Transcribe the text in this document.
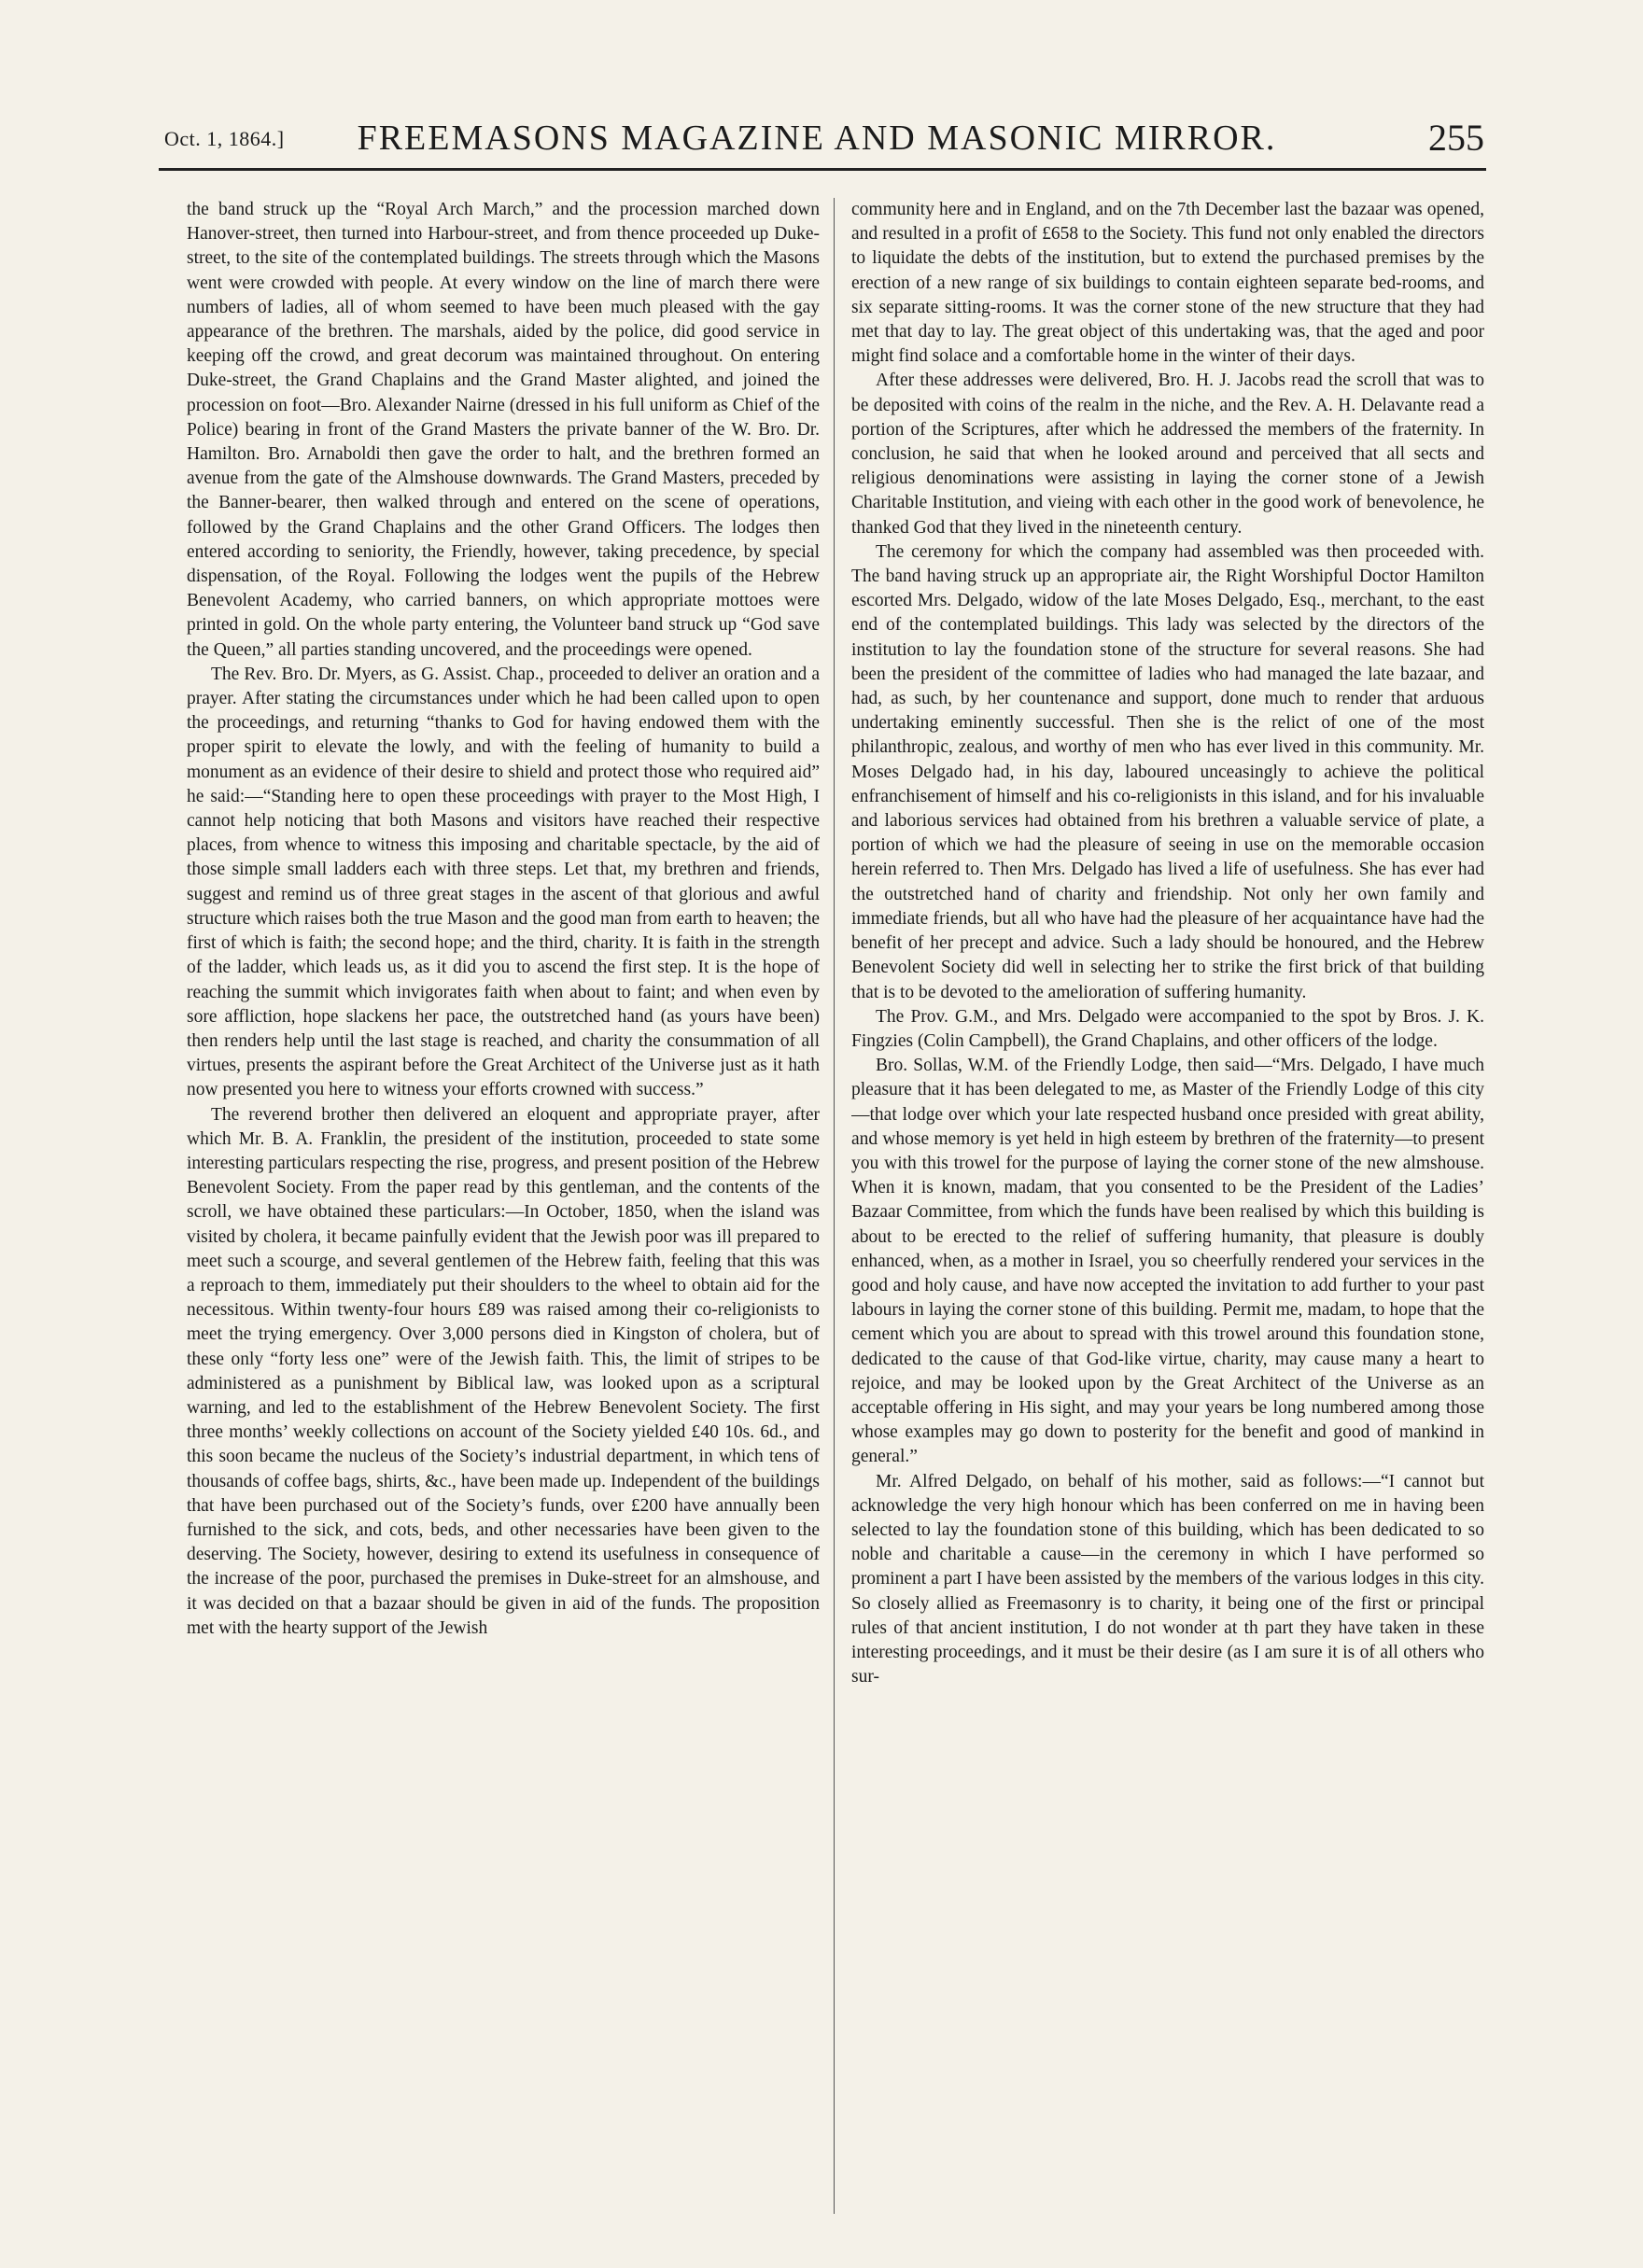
Oct. 1, 1864.]	FREEMASONS MAGAZINE AND MASONIC MIRROR.	255

the band struck up the “Royal Arch March,” and the procession marched down Hanover-street, then turned into Harbour-street, and from thence proceeded up Duke-street, to the site of the contemplated buildings. The streets through which the Masons went were crowded with people. At every window on the line of march there were numbers of ladies, all of whom seemed to have been much pleased with the gay appearance of the brethren. The marshals, aided by the police, did good service in keeping off the crowd, and great decorum was maintained throughout. On entering Duke-street, the Grand Chaplains and the Grand Master alighted, and joined the procession on foot—Bro. Alexander Nairne (dressed in his full uniform as Chief of the Police) bearing in front of the Grand Masters the private banner of the W. Bro. Dr. Hamilton. Bro. Arnaboldi then gave the order to halt, and the brethren formed an avenue from the gate of the Almshouse downwards. The Grand Masters, preceded by the Banner-bearer, then walked through and entered on the scene of operations, followed by the Grand Chaplains and the other Grand Officers. The lodges then entered according to seniority, the Friendly, however, taking precedence, by special dispensation, of the Royal. Following the lodges went the pupils of the Hebrew Benevolent Academy, who carried banners, on which appropriate mottoes were printed in gold. On the whole party entering, the Volunteer band struck up “God save the Queen,” all parties standing uncovered, and the proceedings were opened.

The Rev. Bro. Dr. Myers, as G. Assist. Chap., proceeded to deliver an oration and a prayer. After stating the circumstances under which he had been called upon to open the proceedings, and returning “thanks to God for having endowed them with the proper spirit to elevate the lowly, and with the feeling of humanity to build a monument as an evidence of their desire to shield and protect those who required aid” he said:—“Standing here to open these proceedings with prayer to the Most High, I cannot help noticing that both Masons and visitors have reached their respective places, from whence to witness this imposing and charitable spectacle, by the aid of those simple small ladders each with three steps. Let that, my brethren and friends, suggest and remind us of three great stages in the ascent of that glorious and awful structure which raises both the true Mason and the good man from earth to heaven; the first of which is faith; the second hope; and the third, charity. It is faith in the strength of the ladder, which leads us, as it did you to ascend the first step. It is the hope of reaching the summit which invigorates faith when about to faint; and when even by sore affliction, hope slackens her pace, the outstretched hand (as yours have been) then renders help until the last stage is reached, and charity the consummation of all virtues, presents the aspirant before the Great Architect of the Universe just as it hath now presented you here to witness your efforts crowned with success.”

The reverend brother then delivered an eloquent and appropriate prayer, after which Mr. B. A. Franklin, the president of the institution, proceeded to state some interesting particulars respecting the rise, progress, and present position of the Hebrew Benevolent Society. From the paper read by this gentleman, and the contents of the scroll, we have obtained these particulars:—In October, 1850, when the island was visited by cholera, it became painfully evident that the Jewish poor was ill prepared to meet such a scourge, and several gentlemen of the Hebrew faith, feeling that this was a reproach to them, immediately put their shoulders to the wheel to obtain aid for the necessitous. Within twenty-four hours £89 was raised among their co-religionists to meet the trying emergency. Over 3,000 persons died in Kingston of cholera, but of these only “forty less one” were of the Jewish faith. This, the limit of stripes to be administered as a punishment by Biblical law, was looked upon as a scriptural warning, and led to the establishment of the Hebrew Benevolent Society. The first three months’ weekly collections on account of the Society yielded £40 10s. 6d., and this soon became the nucleus of the Society’s industrial department, in which tens of thousands of coffee bags, shirts, &c., have been made up. Independent of the buildings that have been purchased out of the Society’s funds, over £200 have annually been furnished to the sick, and cots, beds, and other necessaries have been given to the deserving. The Society, however, desiring to extend its usefulness in consequence of the increase of the poor, purchased the premises in Duke-street for an almshouse, and it was decided on that a bazaar should be given in aid of the funds. The proposition met with the hearty support of the Jewish

community here and in England, and on the 7th December last the bazaar was opened, and resulted in a profit of £658 to the Society. This fund not only enabled the directors to liquidate the debts of the institution, but to extend the purchased premises by the erection of a new range of six buildings to contain eighteen separate bed-rooms, and six separate sitting-rooms. It was the corner stone of the new structure that they had met that day to lay. The great object of this undertaking was, that the aged and poor might find solace and a comfortable home in the winter of their days.

After these addresses were delivered, Bro. H. J. Jacobs read the scroll that was to be deposited with coins of the realm in the niche, and the Rev. A. H. Delavante read a portion of the Scriptures, after which he addressed the members of the fraternity. In conclusion, he said that when he looked around and perceived that all sects and religious denominations were assisting in laying the corner stone of a Jewish Charitable Institution, and vieing with each other in the good work of benevolence, he thanked God that they lived in the nineteenth century.

The ceremony for which the company had assembled was then proceeded with. The band having struck up an appropriate air, the Right Worshipful Doctor Hamilton escorted Mrs. Delgado, widow of the late Moses Delgado, Esq., merchant, to the east end of the contemplated buildings. This lady was selected by the directors of the institution to lay the foundation stone of the structure for several reasons. She had been the president of the committee of ladies who had managed the late bazaar, and had, as such, by her countenance and support, done much to render that arduous undertaking eminently successful. Then she is the relict of one of the most philanthropic, zealous, and worthy of men who has ever lived in this community. Mr. Moses Delgado had, in his day, laboured unceasingly to achieve the political enfranchisement of himself and his co-religionists in this island, and for his invaluable and laborious services had obtained from his brethren a valuable service of plate, a portion of which we had the pleasure of seeing in use on the memorable occasion herein referred to. Then Mrs. Delgado has lived a life of usefulness. She has ever had the outstretched hand of charity and friendship. Not only her own family and immediate friends, but all who have had the pleasure of her acquaintance have had the benefit of her precept and advice. Such a lady should be honoured, and the Hebrew Benevolent Society did well in selecting her to strike the first brick of that building that is to be devoted to the amelioration of suffering humanity.

The Prov. G.M., and Mrs. Delgado were accompanied to the spot by Bros. J. K. Fingzies (Colin Campbell), the Grand Chaplains, and other officers of the lodge.

Bro. Sollas, W.M. of the Friendly Lodge, then said—“Mrs. Delgado, I have much pleasure that it has been delegated to me, as Master of the Friendly Lodge of this city—that lodge over which your late respected husband once presided with great ability, and whose memory is yet held in high esteem by brethren of the fraternity—to present you with this trowel for the purpose of laying the corner stone of the new almshouse. When it is known, madam, that you consented to be the President of the Ladies’ Bazaar Committee, from which the funds have been realised by which this building is about to be erected to the relief of suffering humanity, that pleasure is doubly enhanced, when, as a mother in Israel, you so cheerfully rendered your services in the good and holy cause, and have now accepted the invitation to add further to your past labours in laying the corner stone of this building. Permit me, madam, to hope that the cement which you are about to spread with this trowel around this foundation stone, dedicated to the cause of that God-like virtue, charity, may cause many a heart to rejoice, and may be looked upon by the Great Architect of the Universe as an acceptable offering in His sight, and may your years be long numbered among those whose examples may go down to posterity for the benefit and good of mankind in general.”

Mr. Alfred Delgado, on behalf of his mother, said as follows:—“I cannot but acknowledge the very high honour which has been conferred on me in having been selected to lay the foundation stone of this building, which has been dedicated to so noble and charitable a cause—in the ceremony in which I have performed so prominent a part I have been assisted by the members of the various lodges in this city. So closely allied as Freemasonry is to charity, it being one of the first or principal rules of that ancient institution, I do not wonder at th part they have taken in these interesting proceedings, and it must be their desire (as I am sure it is of all others who sur-
